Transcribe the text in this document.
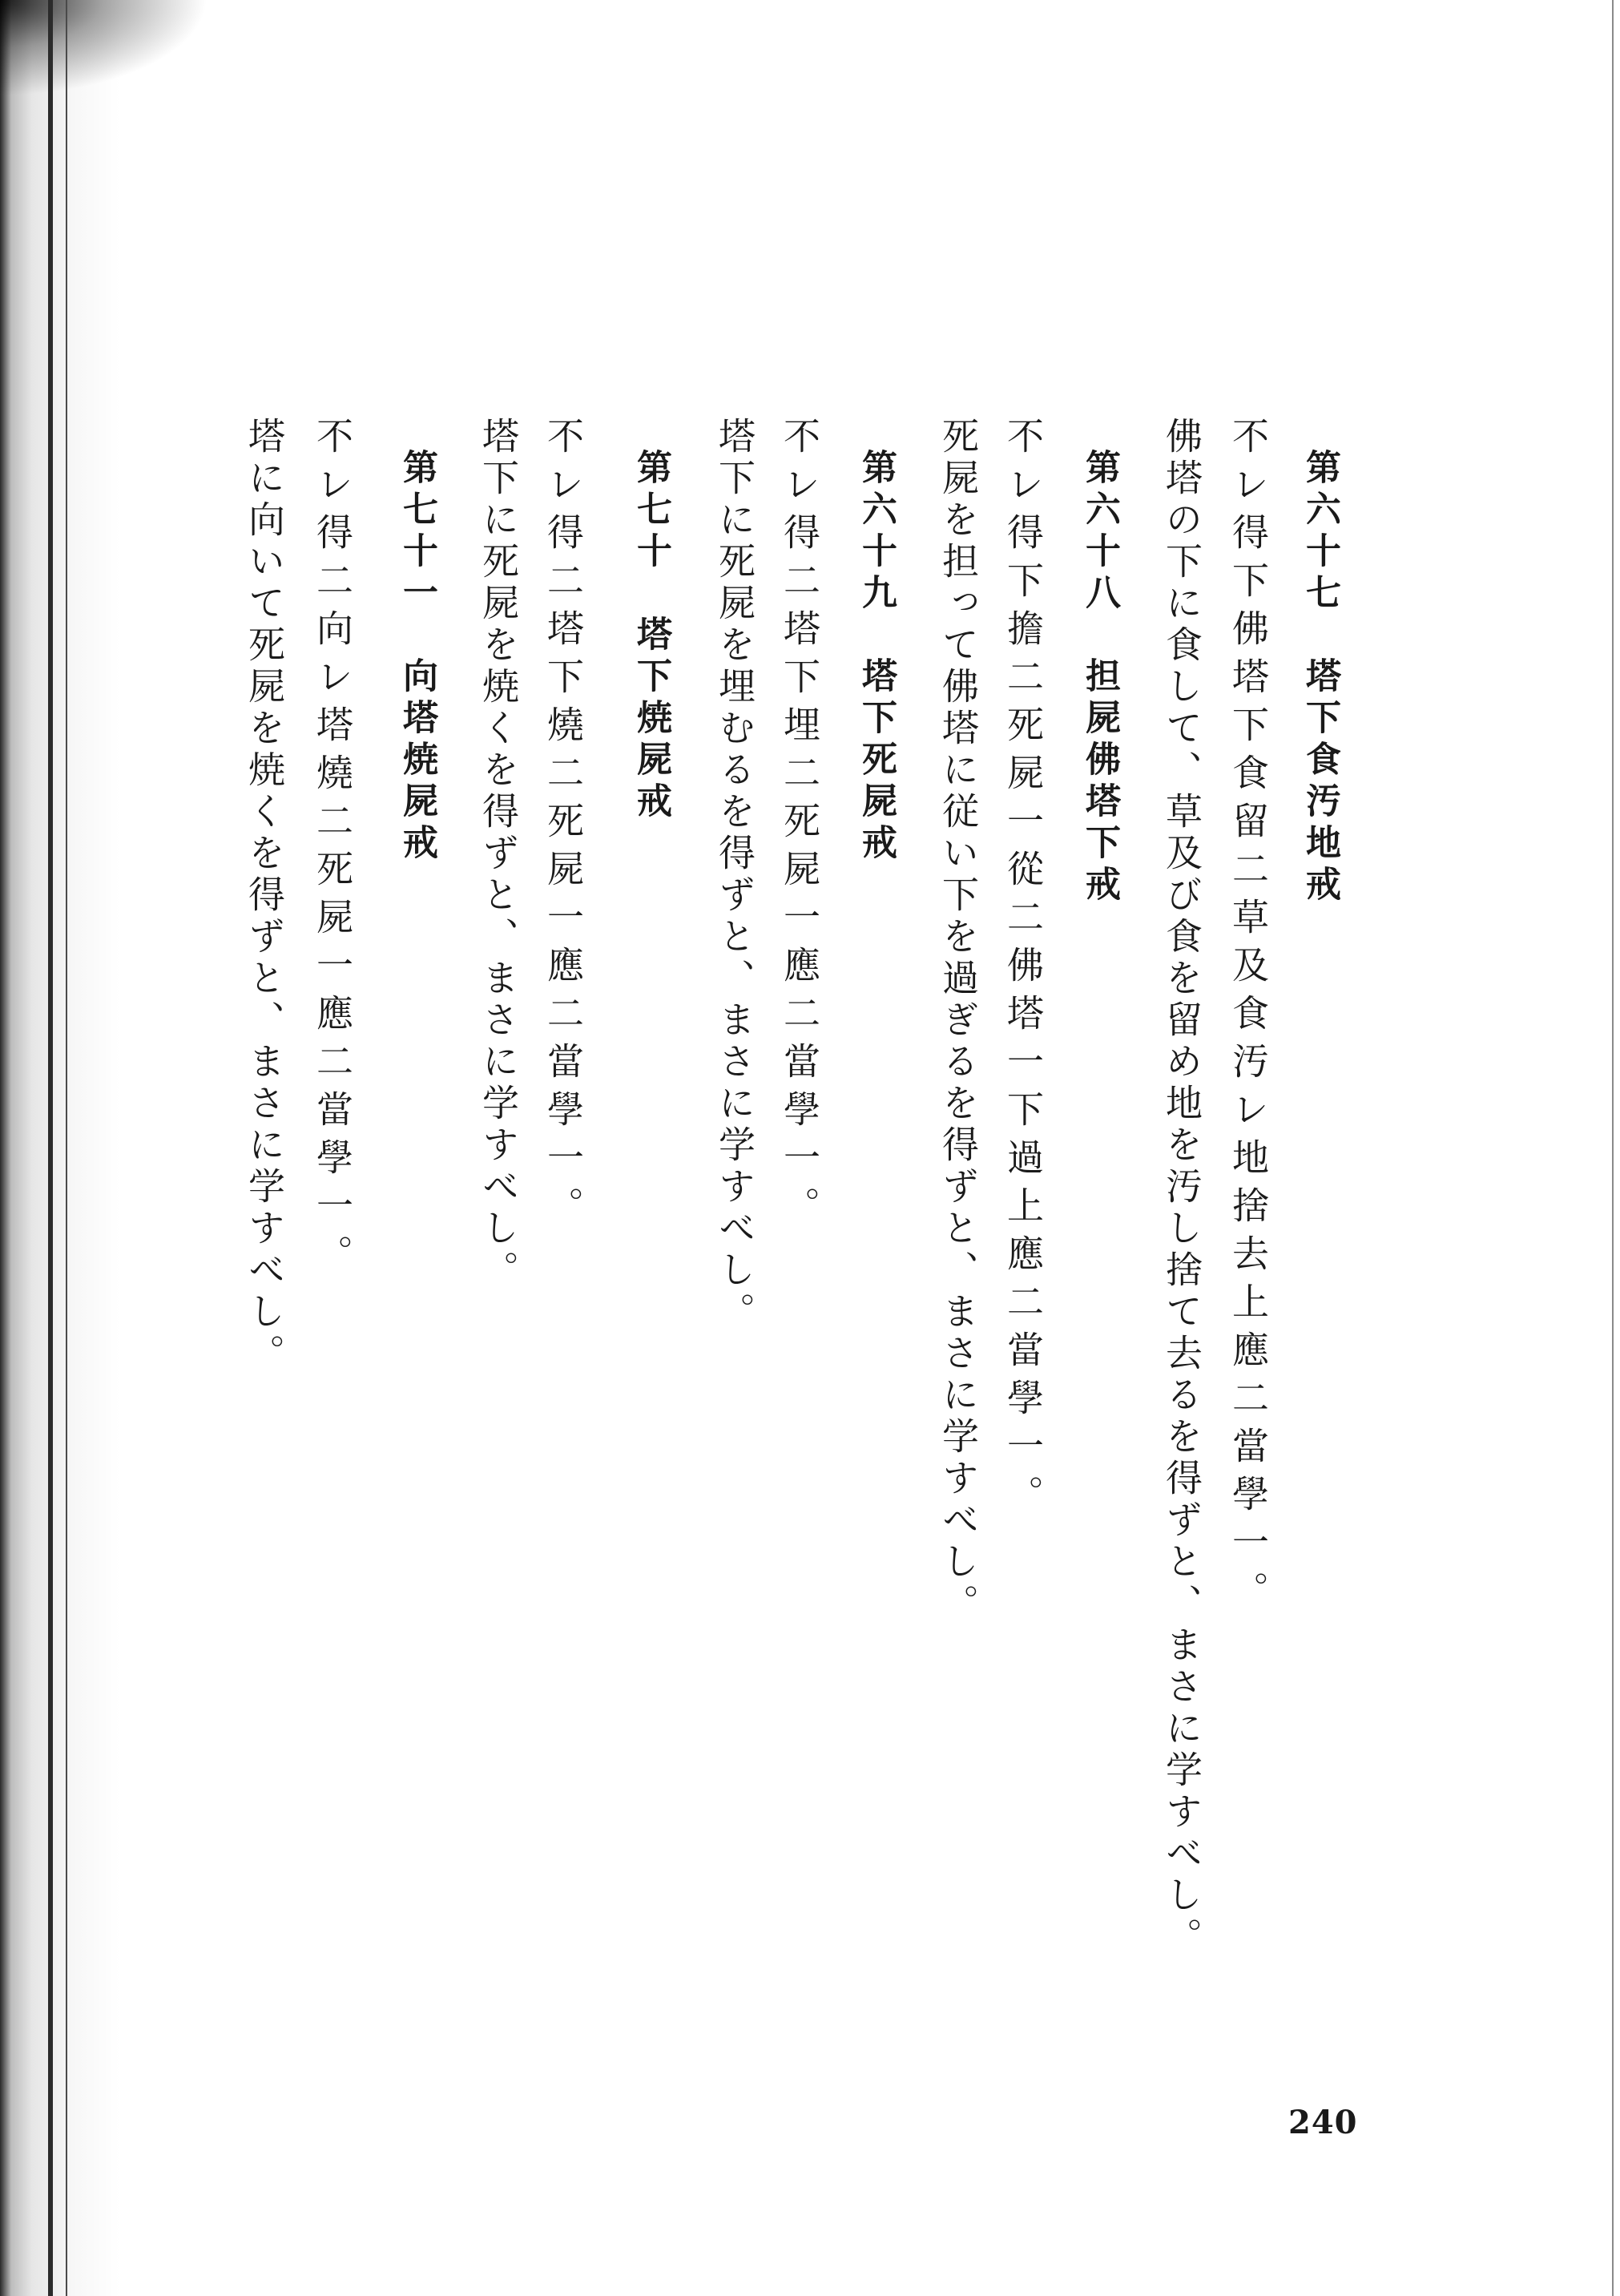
第六十七　塔下食汚地戒
不レ得下佛塔下食留二草及食汚レ地捨去上應二當學一。
佛塔の下に食して、草及び食を留め地を汚し捨て去るを得ずと、まさに学すべし。
第六十八　担屍佛塔下戒
不レ得下擔二死屍一從二佛塔一下過上應二當學一。
死屍を担って佛塔に従い下を過ぎるを得ずと、まさに学すべし。
第六十九　塔下死屍戒
不レ得二塔下埋二死屍一應二當學一。
塔下に死屍を埋むるを得ずと、まさに学すべし。
第七十　塔下焼屍戒
不レ得二塔下燒二死屍一應二當學一。
塔下に死屍を焼くを得ずと、まさに学すべし。
第七十一　向塔焼屍戒
不レ得二向レ塔燒二死屍一應二當學一。
塔に向いて死屍を焼くを得ずと、まさに学すべし。
240
